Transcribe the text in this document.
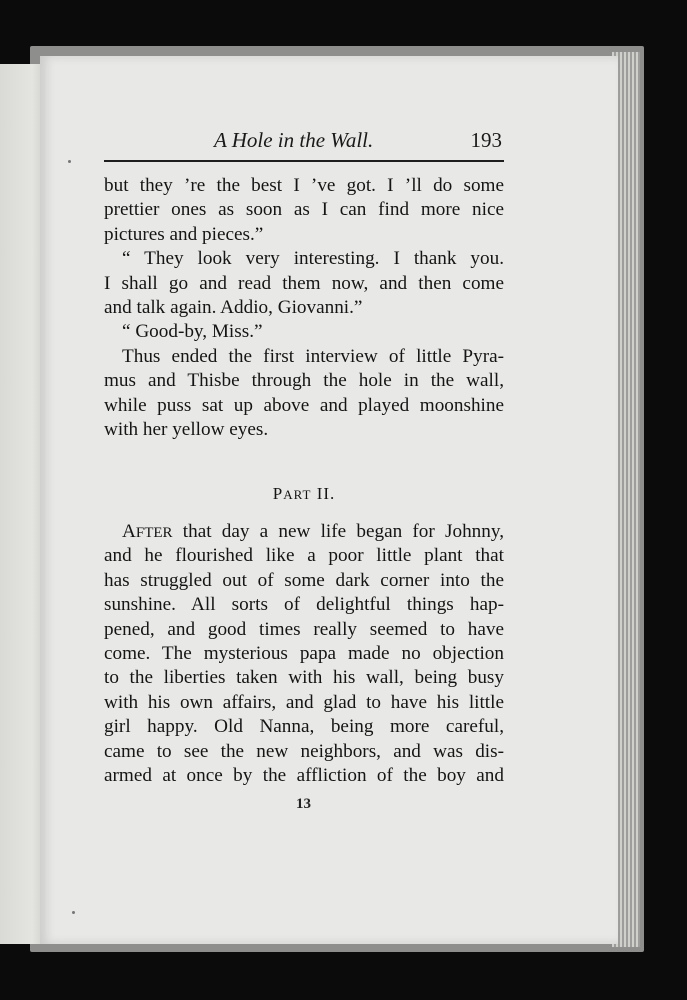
A Hole in the Wall.	193
but they ’re the best I ’ve got. I ’ll do some
prettier ones as soon as I can find more nice
pictures and pieces.”
“ They look very interesting. I thank you.
I shall go and read them now, and then come
and talk again. Addio, Giovanni.”
“ Good-by, Miss.”
Thus ended the first interview of little Pyra-
mus and Thisbe through the hole in the wall,
while puss sat up above and played moonshine
with her yellow eyes.
PART II.
AFTER that day a new life began for Johnny,
and he flourished like a poor little plant that
has struggled out of some dark corner into the
sunshine. All sorts of delightful things hap-
pened, and good times really seemed to have
come. The mysterious papa made no objection
to the liberties taken with his wall, being busy
with his own affairs, and glad to have his little
girl happy. Old Nanna, being more careful,
came to see the new neighbors, and was dis-
armed at once by the affliction of the boy and
13
